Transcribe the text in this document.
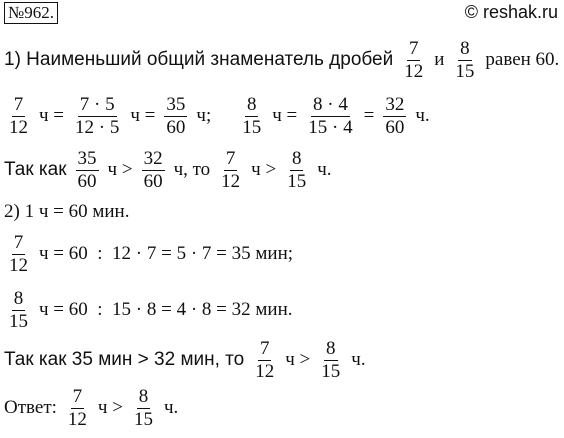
№962.	© reshak.ru
1) Наименьший общий знаменатель дробей $\frac{7}{12}$ и $\frac{8}{15}$ равен 60.
$\frac{7}{12}$ $ч = \frac{7 \cdot 5}{12 \cdot 5}$ $ч = \frac{35}{60} ч$; $\frac{8}{15}$ $ч = \frac{8 \cdot 4}{15 \cdot 4} = \frac{32}{60} ч$.
Так как $\frac{35}{60}$ $ч > \frac{32}{60} ч$, то $\frac{7}{12}$ $ч > \frac{8}{15} ч$.
2) 1 ч = 60 мин.
$\frac{7}{12}$ ч = 60  :  12 · 7 = 5 · 7 = 35 мин;
$\frac{8}{15}$ ч = 60  :  15 · 8 = 4 · 8 = 32 мин.
Так как 35 мин > 32 мин, то $\frac{7}{12}$ $ч > \frac{8}{15} ч$.
Ответ: $\frac{7}{12}$ $ч > \frac{8}{15} ч$.
